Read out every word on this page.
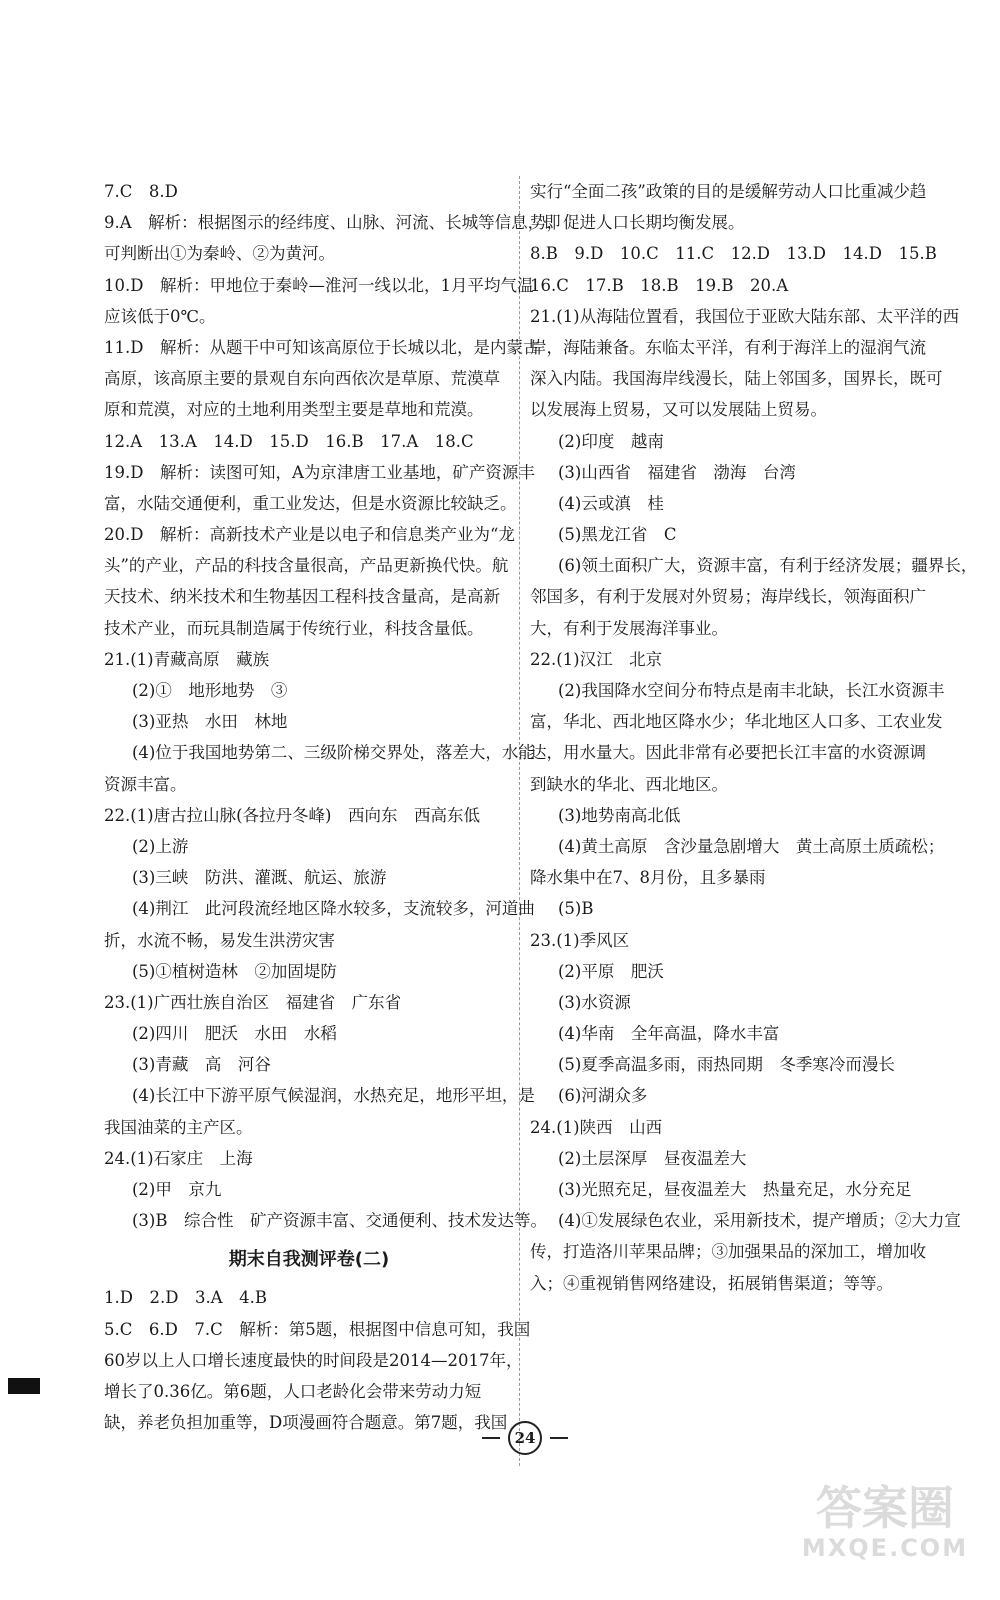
7.C　8.D
9.A　解析：根据图示的经纬度、山脉、河流、长城等信息，即
可判断出①为秦岭、②为黄河。
10.D　解析：甲地位于秦岭—淮河一线以北，1月平均气温
应该低于0℃。
11.D　解析：从题干中可知该高原位于长城以北，是内蒙古
高原，该高原主要的景观自东向西依次是草原、荒漠草
原和荒漠，对应的土地利用类型主要是草地和荒漠。
12.A　13.A　14.D　15.D　16.B　17.A　18.C
19.D　解析：读图可知，A为京津唐工业基地，矿产资源丰
富，水陆交通便利，重工业发达，但是水资源比较缺乏。
20.D　解析：高新技术产业是以电子和信息类产业为“龙
头”的产业，产品的科技含量很高，产品更新换代快。航
天技术、纳米技术和生物基因工程科技含量高，是高新
技术产业，而玩具制造属于传统行业，科技含量低。
21.(1)青藏高原　藏族
(2)①　地形地势　③
(3)亚热　水田　林地
(4)位于我国地势第二、三级阶梯交界处，落差大，水能
资源丰富。
22.(1)唐古拉山脉(各拉丹冬峰)　西向东　西高东低
(2)上游
(3)三峡　防洪、灌溉、航运、旅游
(4)荆江　此河段流经地区降水较多，支流较多，河道曲
折，水流不畅，易发生洪涝灾害
(5)①植树造林　②加固堤防
23.(1)广西壮族自治区　福建省　广东省
(2)四川　肥沃　水田　水稻
(3)青藏　高　河谷
(4)长江中下游平原气候湿润，水热充足，地形平坦，是
我国油菜的主产区。
24.(1)石家庄　上海
(2)甲　京九
(3)B　综合性　矿产资源丰富、交通便利、技术发达等。
期末自我测评卷(二)
1.D　2.D　3.A　4.B
5.C　6.D　7.C　解析：第5题，根据图中信息可知，我国
60岁以上人口增长速度最快的时间段是2014—2017年，
增长了0.36亿。第6题，人口老龄化会带来劳动力短
缺，养老负担加重等，D项漫画符合题意。第7题，我国
实行“全面二孩”政策的目的是缓解劳动人口比重减少趋
势，促进人口长期均衡发展。
8.B　9.D　10.C　11.C　12.D　13.D　14.D　15.B
16.C　17.B　18.B　19.B　20.A
21.(1)从海陆位置看，我国位于亚欧大陆东部、太平洋的西
岸，海陆兼备。东临太平洋，有利于海洋上的湿润气流
深入内陆。我国海岸线漫长，陆上邻国多，国界长，既可
以发展海上贸易，又可以发展陆上贸易。
(2)印度　越南
(3)山西省　福建省　渤海　台湾
(4)云或滇　桂
(5)黑龙江省　C
(6)领土面积广大，资源丰富，有利于经济发展；疆界长，
邻国多，有利于发展对外贸易；海岸线长，领海面积广
大，有利于发展海洋事业。
22.(1)汉江　北京
(2)我国降水空间分布特点是南丰北缺，长江水资源丰
富，华北、西北地区降水少；华北地区人口多、工农业发
达，用水量大。因此非常有必要把长江丰富的水资源调
到缺水的华北、西北地区。
(3)地势南高北低
(4)黄土高原　含沙量急剧增大　黄土高原土质疏松；
降水集中在7、8月份，且多暴雨
(5)B
23.(1)季风区
(2)平原　肥沃
(3)水资源
(4)华南　全年高温，降水丰富
(5)夏季高温多雨，雨热同期　冬季寒冷而漫长
(6)河湖众多
24.(1)陕西　山西
(2)土层深厚　昼夜温差大
(3)光照充足，昼夜温差大　热量充足，水分充足
(4)①发展绿色农业，采用新技术，提产增质；②大力宣
传，打造洛川苹果品牌；③加强果品的深加工，增加收
入；④重视销售网络建设，拓展销售渠道；等等。
24
答案圈
MXQE.COM
